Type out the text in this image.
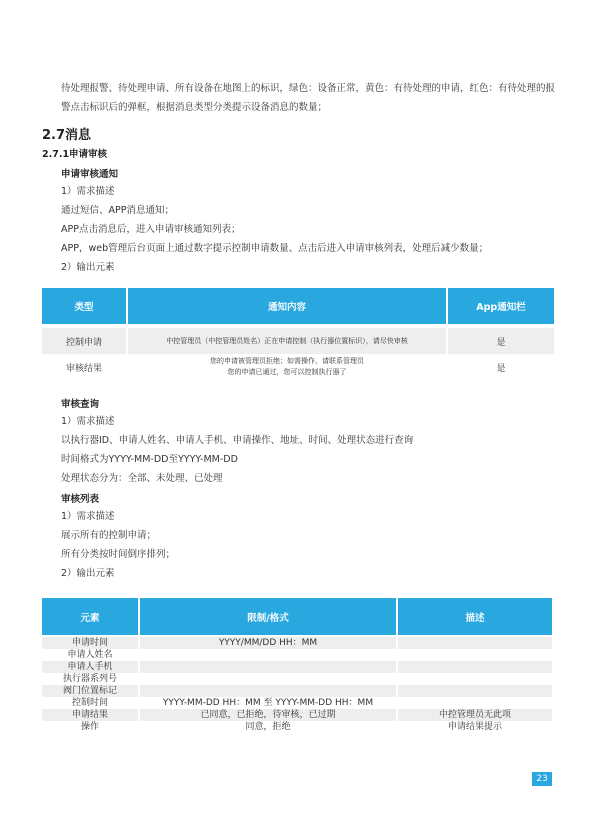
待处理报警、待处理申请、所有设备在地图上的标识，绿色：设备正常，黄色：有待处理的申请，红色：有待处理的报警点击标识后的弹框，根据消息类型分类提示设备消息的数量；
2.7消息
2.7.1申请审核
申请审核通知
1）需求描述
通过短信、APP消息通知；
APP点击消息后，进入申请审核通知列表；
APP，web管理后台页面上通过数字提示控制申请数量、点击后进入申请审核列表，处理后减少数量；
2）输出元素
类型	通知内容	App通知栏
控制申请	中控管理员（中控管理员姓名）正在申请控制（执行器位置标识），请尽快审核	是
审核结果	您的申请被管理员拒绝；如需操作，请联系管理员
您的申请已通过，您可以控制执行器了	是
审核查询
1）需求描述
以执行器ID、申请人姓名、申请人手机、申请操作、地址、时间、处理状态进行查询
时间格式为YYYY-MM-DD至YYYY-MM-DD
处理状态分为：全部、未处理、已处理
审核列表
1）需求描述
展示所有的控制申请；
所有分类按时间倒序排列；
2）输出元素
元素	限制/格式	描述
申请时间	YYYY/MM/DD HH：MM	
申请人姓名		
申请人手机		
执行器系列号		
阀门位置标记		
控制时间	YYYY-MM-DD HH：MM 至 YYYY-MM-DD HH：MM	
申请结果	已同意，已拒绝，待审核，已过期	中控管理员无此项
操作	同意，拒绝	申请结果提示
23
